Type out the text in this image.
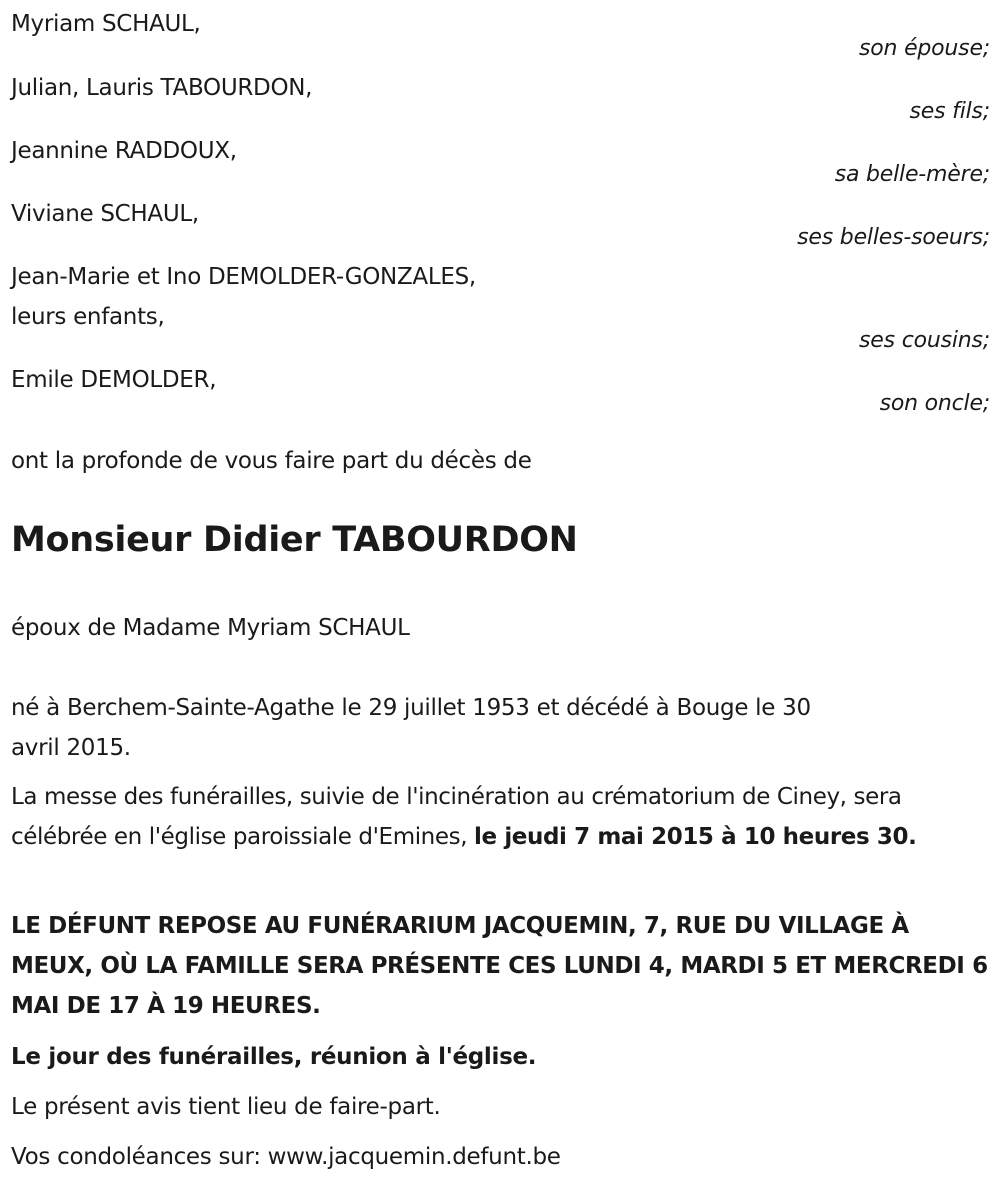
Myriam SCHAUL,
son épouse;
Julian, Lauris TABOURDON,
ses fils;
Jeannine RADDOUX,
sa belle-mère;
Viviane SCHAUL,
ses belles-soeurs;
Jean-Marie et Ino DEMOLDER-GONZALES,
leurs enfants,
ses cousins;
Emile DEMOLDER,
son oncle;
ont la profonde de vous faire part du décès de
Monsieur Didier TABOURDON
époux de Madame Myriam SCHAUL
né à Berchem-Sainte-Agathe le 29 juillet 1953 et décédé à Bouge le 30
avril 2015.
La messe des funérailles, suivie de l'incinération au crématorium de Ciney, sera célébrée en l'église paroissiale d'Emines, le jeudi 7 mai 2015 à 10 heures 30.
LE DÉFUNT REPOSE AU FUNÉRARIUM JACQUEMIN, 7, RUE DU VILLAGE À MEUX, OÙ LA FAMILLE SERA PRÉSENTE CES LUNDI 4, MARDI 5 ET MERCREDI 6 MAI DE 17 À 19 HEURES.
Le jour des funérailles, réunion à l'église.
Le présent avis tient lieu de faire-part.
Vos condoléances sur: www.jacquemin.defunt.be
